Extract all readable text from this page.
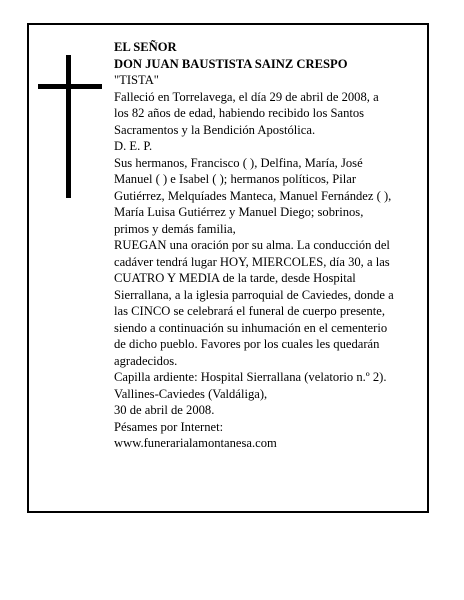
EL SEÑOR
DON JUAN BAUSTISTA SAINZ CRESPO
"TISTA"
Falleció en Torrelavega, el día 29 de abril de 2008, a
los 82 años de edad, habiendo recibido los Santos
Sacramentos y la Bendición Apostólica.
D. E. P.
Sus hermanos, Francisco ( ), Delfina, María, José
Manuel ( ) e Isabel ( ); hermanos políticos, Pilar
Gutiérrez, Melquíades Manteca, Manuel Fernández ( ),
María Luisa Gutiérrez y Manuel Diego; sobrinos,
primos y demás familia,
RUEGAN una oración por su alma. La conducción del
cadáver tendrá lugar HOY, MIERCOLES, día 30, a las
CUATRO Y MEDIA de la tarde, desde Hospital
Sierrallana, a la iglesia parroquial de Caviedes, donde a
las CINCO se celebrará el funeral de cuerpo presente,
siendo a continuación su inhumación en el cementerio
de dicho pueblo. Favores por los cuales les quedarán
agradecidos.
Capilla ardiente: Hospital Sierrallana (velatorio n.º 2).
Vallines-Caviedes (Valdáliga),
30 de abril de 2008.
Pésames por Internet:
www.funerarialamontanesa.com
